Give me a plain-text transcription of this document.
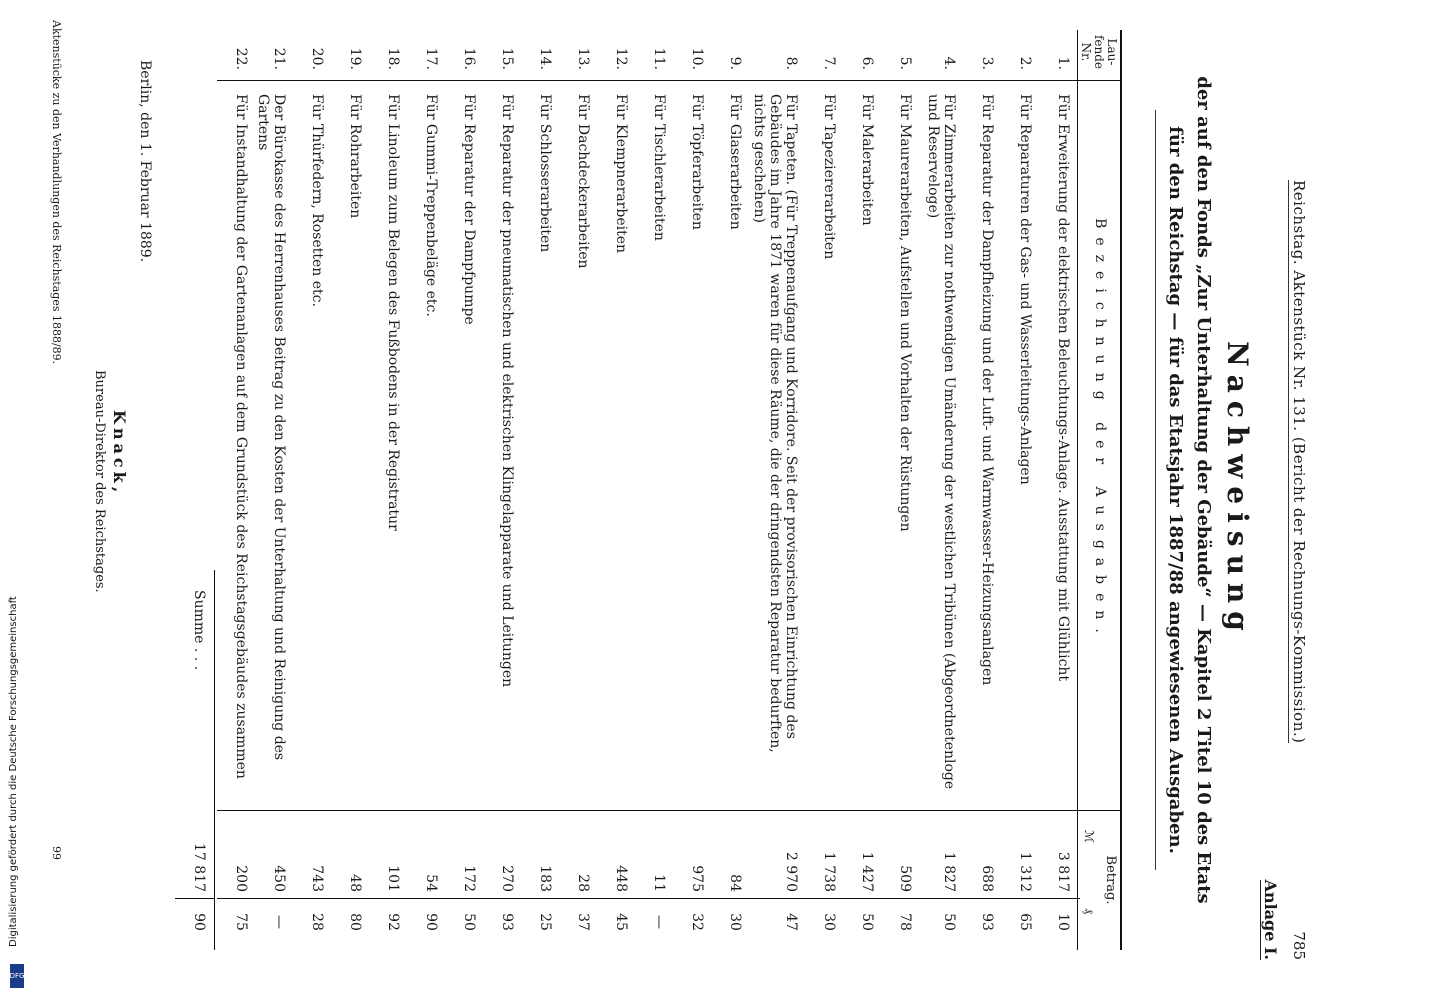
Digitalisierung gefördert durch die Deutsche Forschungsgemeinschaft
DFG
Reichstag. Aktenstück Nr. 131. (Bericht der Rechnungs-Kommission.)
785
Anlage I.
Nachweisung
der auf den Fonds „Zur Unterhaltung der Gebäude“ — Kapitel 2 Titel 10 des Etats
für den Reichstag — für das Etatsjahr 1887/88 angewiesenen Ausgaben.
Lau-fende Nr.
Bezeichnung der Ausgaben.
Betrag.
ℳ
₰
1.
Für Erweiterung der elektrischen Beleuchtungs-Anlage. Ausstattung mit Glühlicht
3 817
10
2.
Für Reparaturen der Gas- und Wasserleitungs-Anlagen
1 312
65
3.
Für Reparatur der Dampfheizung und der Luft- und Warmwasser-Heizungsanlagen
688
93
4.
Für Zimmerarbeiten zur nothwendigen Umänderung der westlichen Tribünen (Abgeordnetenloge und Reserveloge)
1 827
50
5.
Für Maurerarbeiten, Aufstellen und Vorhalten der Rüstungen
509
78
6.
Für Malerarbeiten
1 427
50
7.
Für Tapeziererarbeiten
1 738
30
8.
Für Tapeten. (Für Treppenaufgang und Korridore. Seit der provisorischen Einrichtung des Gebäudes im Jahre 1871 waren für diese Räume, die der dringendsten Reparatur bedurften, nichts geschehen)
2 970
47
9.
Für Glaserarbeiten
84
30
10.
Für Töpferarbeiten
975
32
11.
Für Tischlerarbeiten
11
—
12.
Für Klempnerarbeiten
448
45
13.
Für Dachdeckerarbeiten
28
37
14.
Für Schlosserarbeiten
183
25
15.
Für Reparatur der pneumatischen und elektrischen Klingelapparate und Leitungen
270
93
16.
Für Reparatur der Dampfpumpe
172
50
17.
Für Gummi-Treppenbeläge etc.
54
90
18.
Für Linoleum zum Belegen des Fußbodens in der Registratur
101
92
19.
Für Rohrarbeiten
48
80
20.
Für Thürfedern, Rosetten etc.
743
28
21.
Der Bürokasse des Herrenhauses Beitrag zu den Kosten der Unterhaltung und Reinigung des Gartens
450
—
22.
Für Instandhaltung der Gartenanlagen auf dem Grundstück des Reichstagsgebäudes zusammen
200
75
Summe . . .
17 817
90
Berlin, den 1. Februar 1889.
Knack,
Bureau-Direktor des Reichstages.
Aktenstücke zu den Verhandlungen des Reichstages 1888/89.
99
